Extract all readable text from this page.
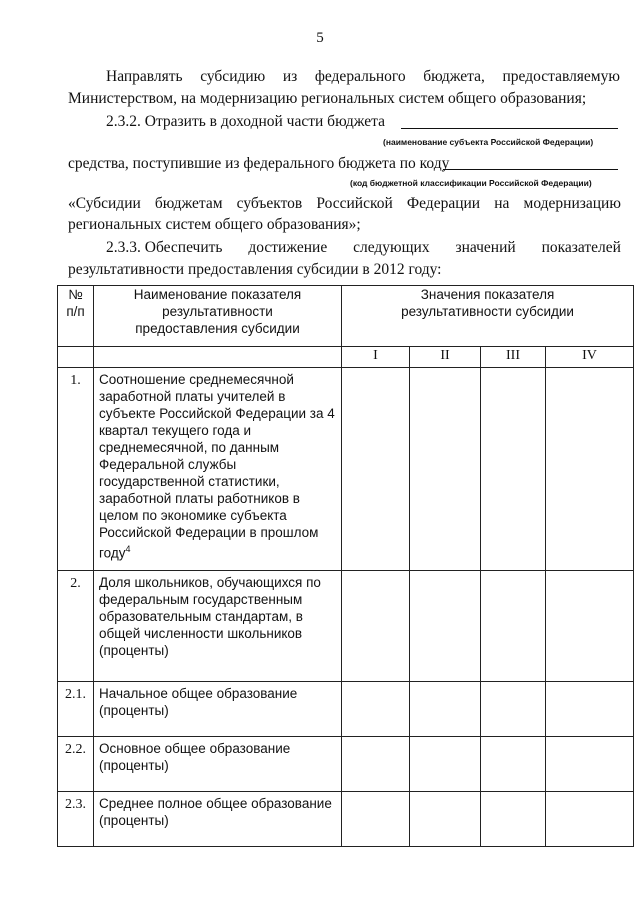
5
Направлять субсидию из федерального бюджета, предоставляемую
Министерством, на модернизацию региональных систем общего образования;
2.3.2. Отразить в доходной части бюджета
(наименование субъекта Российской Федерации)
средства, поступившие из федерального бюджета по коду
(код бюджетной классификации Российской Федерации)
«Субсидии бюджетам субъектов Российской Федерации на модернизацию
региональных систем общего образования»;
2.3.3. Обеспечить достижение следующих значений показателей
результативности предоставления субсидии в 2012 году:
№ п/п	Наименование показателя результативности предоставления субсидии	Значения показателя результативности субсидии			
		I	II	III	IV
1.	Соотношение среднемесячной заработной платы учителей в субъекте Российской Федерации за 4 квартал текущего года и среднемесячной, по данным Федеральной службы государственной статистики, заработной платы работников в целом по экономике субъекта Российской Федерации в прошлом году$^4$				
2.	Доля школьников, обучающихся по федеральным государственным образовательным стандартам, в общей численности школьников (проценты)				
2.1.	Начальное общее образование (проценты)				
2.2.	Основное общее образование (проценты)				
2.3.	Среднее полное общее образование (проценты)				
